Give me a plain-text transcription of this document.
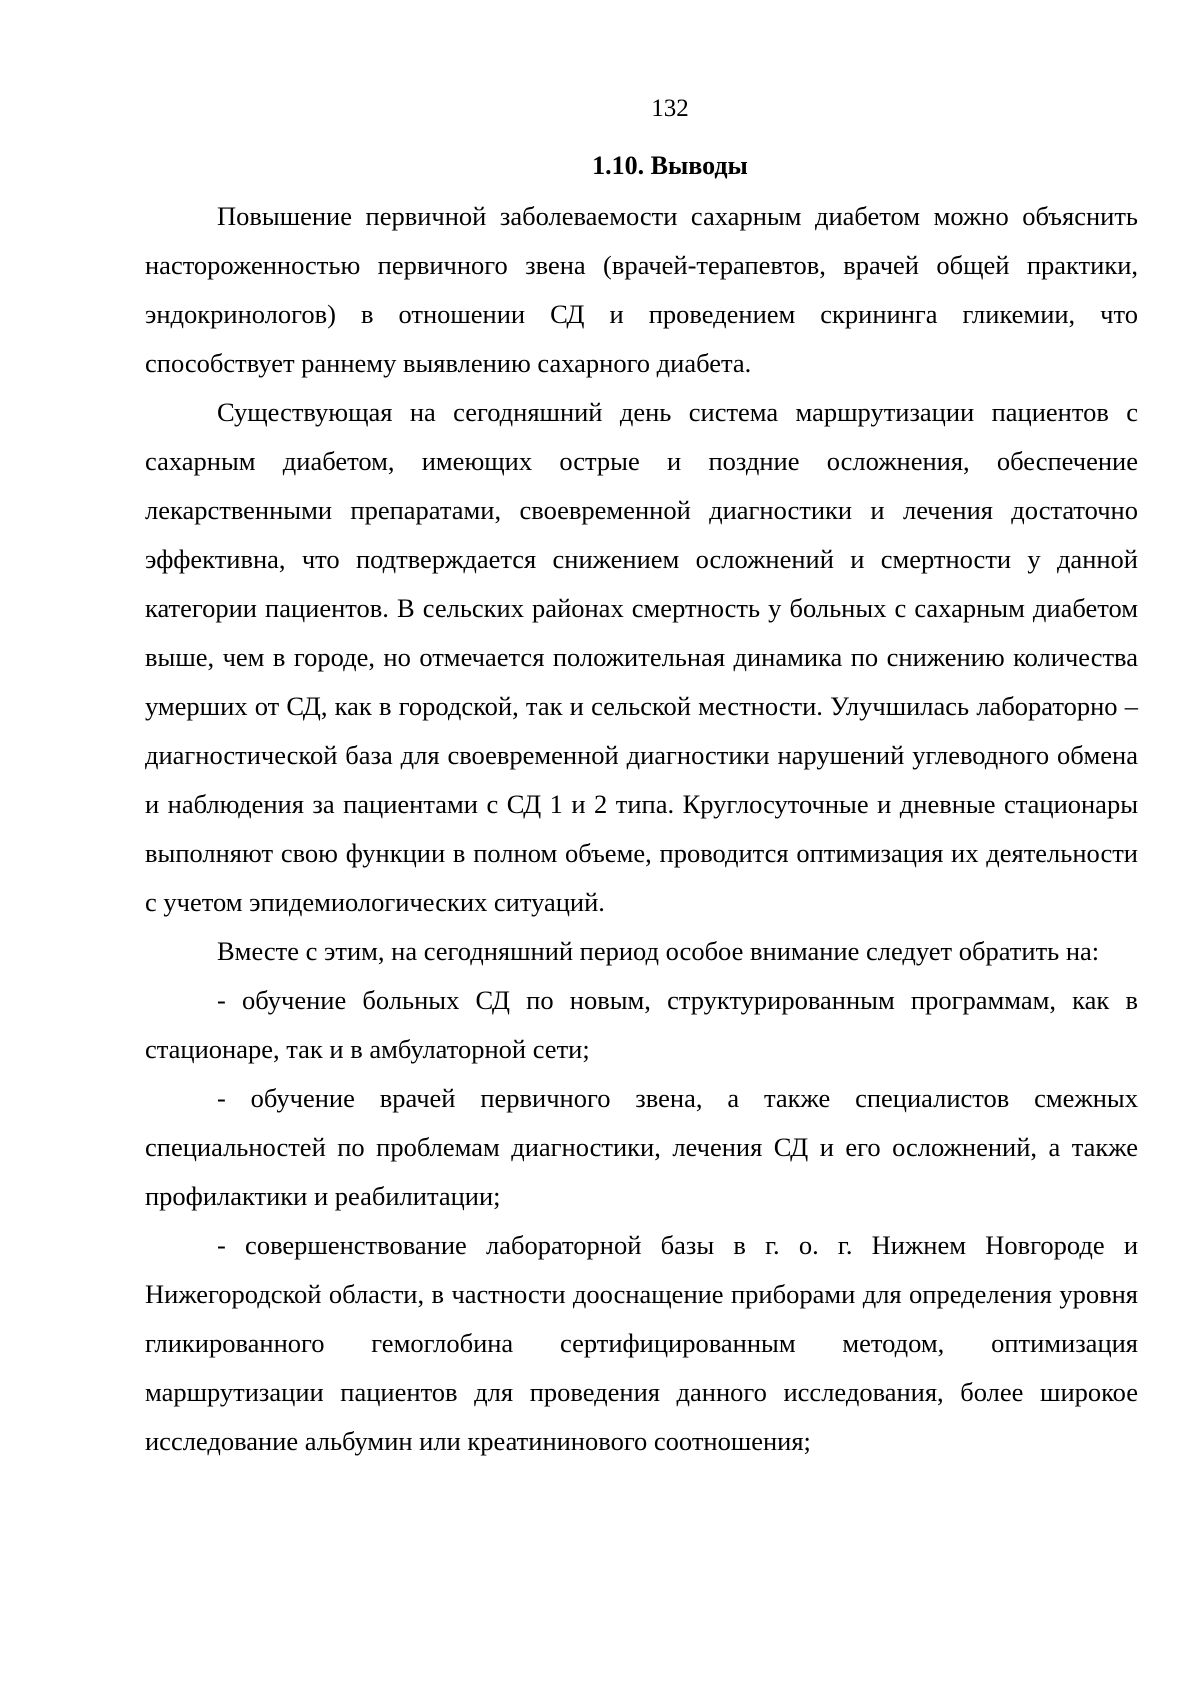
132
1.10. Выводы

Повышение первичной заболеваемости сахарным диабетом можно объяснить настороженностью первичного звена (врачей-терапевтов, врачей общей практики, эндокринологов) в отношении СД и проведением скрининга гликемии, что способствует раннему выявлению сахарного диабета.

Существующая на сегодняшний день система маршрутизации пациентов с сахарным диабетом, имеющих острые и поздние осложнения, обеспечение лекарственными препаратами, своевременной диагностики и лечения достаточно эффективна, что подтверждается снижением осложнений и смертности у данной категории пациентов. В сельских районах смертность у больных с сахарным диабетом выше, чем в городе, но отмечается положительная динамика по снижению количества умерших от СД, как в городской, так и сельской местности. Улучшилась лабораторно – диагностической база для своевременной диагностики нарушений углеводного обмена и наблюдения за пациентами с СД 1 и 2 типа. Круглосуточные и дневные стационары выполняют свою функции в полном объеме, проводится оптимизация их деятельности с учетом эпидемиологических ситуаций.

Вместе с этим, на сегодняшний период особое внимание следует обратить на:

- обучение больных СД по новым, структурированным программам, как в стационаре, так и в амбулаторной сети;

- обучение врачей первичного звена, а также специалистов смежных специальностей по проблемам диагностики, лечения СД и его осложнений, а также профилактики и реабилитации;

- совершенствование лабораторной базы в г. о. г. Нижнем Новгороде и Нижегородской области, в частности дооснащение приборами для определения уровня гликированного гемоглобина сертифицированным методом, оптимизация маршрутизации пациентов для проведения данного исследования, более широкое исследование альбумин или креатининового соотношения;
